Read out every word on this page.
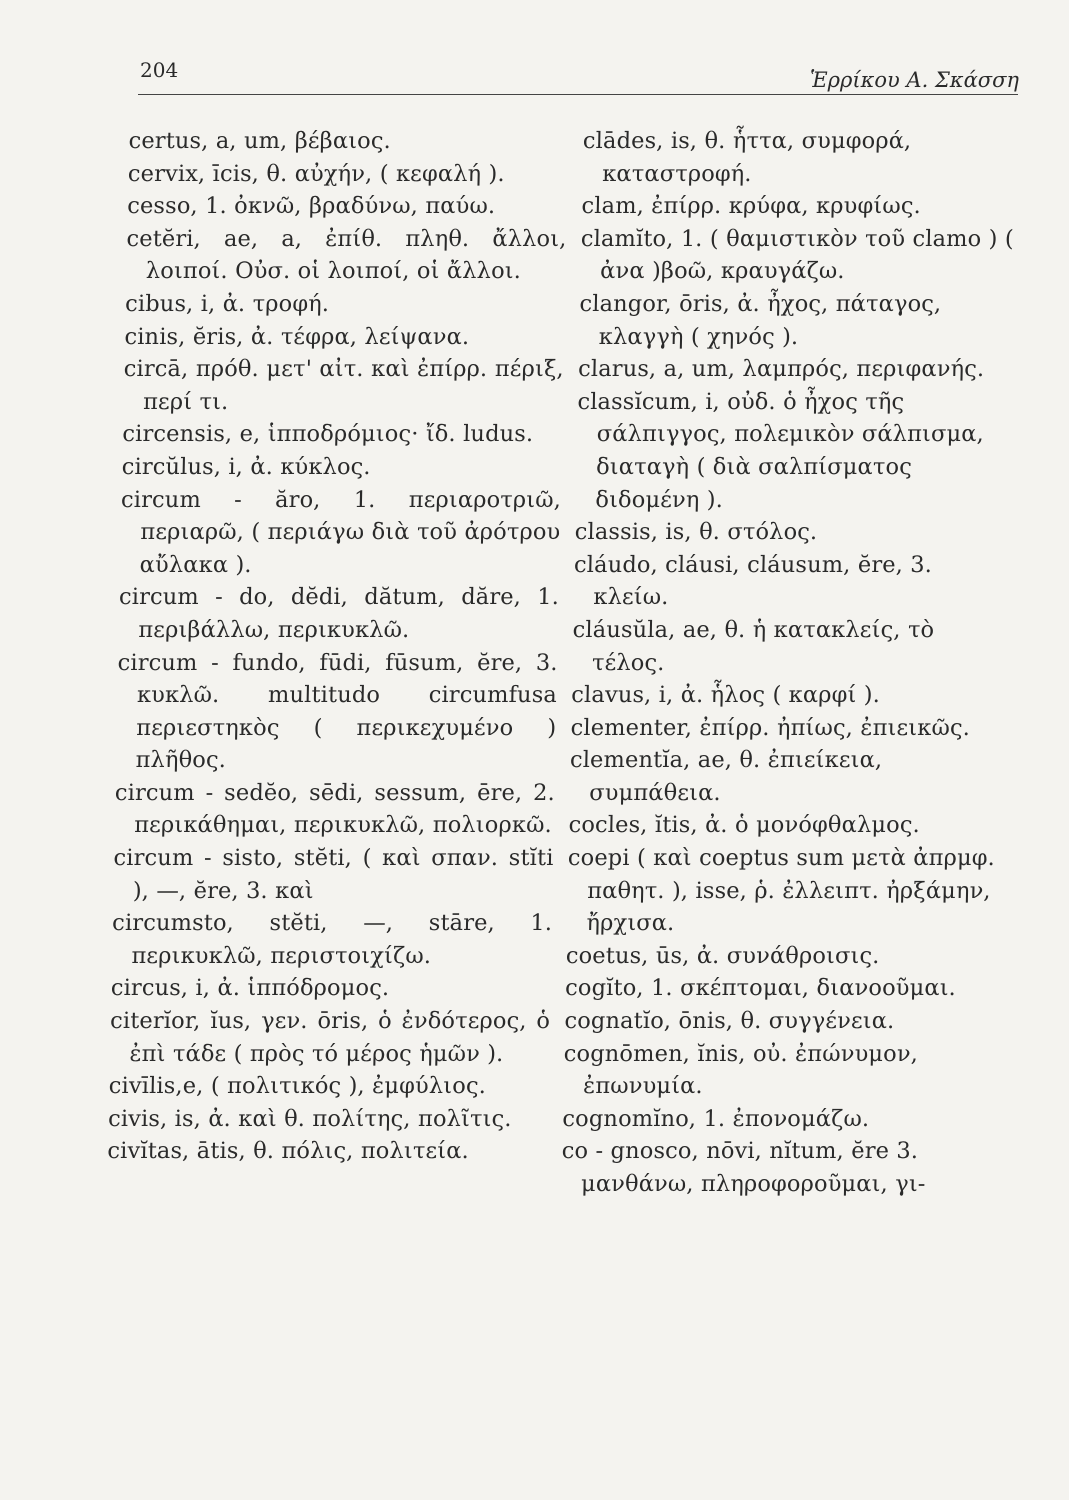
204	Ἑρρίκου Α. Σκάσση

certus, a, um, βέβαιος.

cervix, īcis, θ. αὐχήν, ( κεφαλή ).

cesso, 1. ὀκνῶ, βραδύνω, παύω.

cetĕri, ae, a, ἐπίθ. πληθ. ἄλλοι, λοιποί. Οὐσ. οἱ λοιποί, οἱ ἄλλοι.

cibus, i, ἀ. τροφή.

cinis, ĕris, ἀ. τέφρα, λείψανα.

circā, πρόθ. μετ' αἰτ. καὶ ἐπίρρ. πέριξ, περί τι.

circensis, e, ἱπποδρόμιος· ἴδ. ludus.

circŭlus, i, ἀ. κύκλος.

circum - ăro, 1. περιαροτριῶ, περιαρῶ, ( περιάγω διὰ τοῦ ἀρότρου αὔλακα ).

circum - do, dĕdi, dătum, dăre, 1. περιβάλλω, περικυκλῶ.

circum - fundo, fūdi, fūsum, ĕre, 3. κυκλῶ. multitudo circumfusa περιεστηκὸς ( περικεχυμένο ) πλῆθος.

circum - sedĕo, sēdi, sessum, ēre, 2. περικάθημαι, περικυκλῶ, πολιορκῶ.

circum - sisto, stĕti, ( καὶ σπαν. stĭti ), —, ĕre, 3. καὶ

circumsto, stĕti, —, stāre, 1. περικυκλῶ, περιστοιχίζω.

circus, i, ἀ. ἱππόδρομος.

citerĭor, ĭus, γεν. ōris, ὁ ἐνδότερος, ὁ ἐπὶ τάδε ( πρὸς τό μέρος ἡμῶν ).

civīlis,e, ( πολιτικός ), ἐμφύλιος.

civis, is, ἀ. καὶ θ. πολίτης, πολῖτις.

civĭtas, ātis, θ. πόλις, πολιτεία.

clādes, is, θ. ἧττα, συμφορά, καταστροφή.

clam, ἐπίρρ. κρύφα, κρυφίως.

clamĭto, 1. ( θαμιστικὸν τοῦ clamo ) ( ἀνα )βοῶ, κραυγάζω.

clangor, ōris, ἀ. ἦχος, πάταγος, κλαγγὴ ( χηνός ).

clarus, a, um, λαμπρός, περιφανής.

classĭcum, i, οὐδ. ὁ ἦχος τῆς σάλπιγγος, πολεμικὸν σάλπισμα, διαταγὴ ( διὰ σαλπίσματος διδομένη ).

classis, is, θ. στόλος.

cláudo, cláusi, cláusum, ĕre, 3. κλείω.

cláusŭla, ae, θ. ἡ κατακλείς, τὸ τέλος.

clavus, i, ἀ. ἧλος ( καρφί ).

clementer, ἐπίρρ. ἠπίως, ἐπιεικῶς.

clementĭa, ae, θ. ἐπιείκεια, συμπάθεια.

cocles, ĭtis, ἀ. ὁ μονόφθαλμος.

coepi ( καὶ coeptus sum μετὰ ἀπρμφ. παθητ. ), isse, ῥ. ἐλλειπτ. ἠρξάμην, ἤρχισα.

coetus, ūs, ἀ. συνάθροισις.

cogĭto, 1. σκέπτομαι, διανοοῦμαι.

cognatĭo, ōnis, θ. συγγένεια.

cognōmen, ĭnis, οὐ. ἐπώνυμον, ἐπωνυμία.

cognomĭno, 1. ἐπονομάζω.

co - gnosco, nōvi, nĭtum, ĕre 3. μανθάνω, πληροφοροῦμαι, γι-
